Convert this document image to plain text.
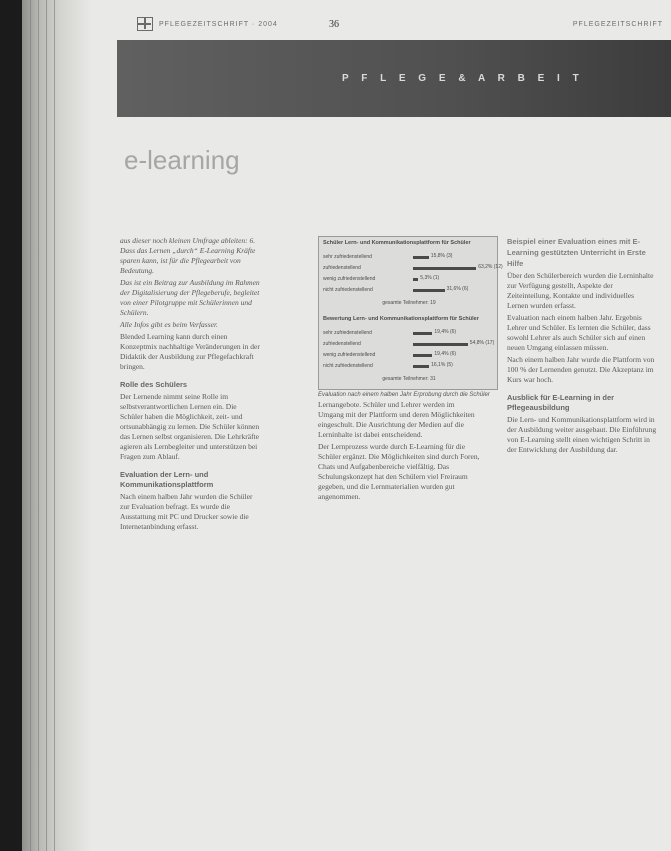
PFLEGEZEITSCHRIFT · 2004	36	PFLEGEZEITSCHRIFT
P F L E G E & A R B E I T
e-learning

aus dieser noch kleinen Umfrage ableiten: 6. Dass das Lernen „durch“ E-Learning Kräfte sparen kann, ist für die Pflegearbeit von Bedeutung.

Das ist ein Beitrag zur Ausbildung im Rahmen der Digitalisierung der Pflegeberufe, begleitet von einer Pilotgruppe mit Schülerinnen und Schülern.

Alle Infos gibt es beim Verfasser.

Blended Learning kann durch einen Konzeptmix nachhaltige Veränderungen in der Didaktik der Ausbildung zur Pflegefachkraft bringen.

Rolle des Schülers

Der Lernende nimmt seine Rolle im selbstverantwortlichen Lernen ein. Die Schüler haben die Möglichkeit, zeit- und ortsunabhängig zu lernen. Die Schüler können das Lernen selbst organisieren. Die Lehrkräfte agieren als Lernbegleiter und unterstützen bei Fragen zum Ablauf.

Evaluation der Lern- und Kommunikationsplattform

Nach einem halben Jahr wurden die Schüler zur Evaluation befragt. Es wurde die Ausstattung mit PC und Drucker sowie die Internetanbindung erfasst.

Schüler Lern- und Kommunikationsplattform für Schüler
sehr zufriedenstellend	15,8% (3)
zufriedenstellend	63,2% (12)
wenig zufriedenstellend	5,3% (1)
nicht zufriedenstellend	31,6% (6)
gesamte Teilnehmer: 19
Bewertung Lern- und Kommunikationsplattform für Schüler
sehr zufriedenstellend	19,4% (6)
zufriedenstellend	54,8% (17)
wenig zufriedenstellend	19,4% (6)
nicht zufriedenstellend	16,1% (5)
gesamte Teilnehmer: 31
Evaluation nach einem halben Jahr Erprobung durch die Schüler

Lernangebote. Schüler und Lehrer werden im Umgang mit der Plattform und deren Möglichkeiten eingeschult. Die Ausrichtung der Medien auf die Lerninhalte ist dabei entscheidend.

Der Lernprozess wurde durch E-Learning für die Schüler ergänzt. Die Möglichkeiten sind durch Foren, Chats und Aufgabenbereiche vielfältig. Das Schulungskonzept hat den Schülern viel Freiraum gegeben, und die Lernmaterialien wurden gut angenommen.

Beispiel einer Evaluation eines mit E-Learning gestützten Unterricht in Erste Hilfe

Über den Schülerbereich wurden die Lerninhalte zur Verfügung gestellt, Aspekte der Zeiteinteilung, Kontakte und individuelles Lernen wurden erfasst.

Evaluation nach einem halben Jahr. Ergebnis Lehrer und Schüler. Es lernten die Schüler, dass sowohl Lehrer als auch Schüler sich auf einen neuen Umgang einlassen müssen.

Nach einem halben Jahr wurde die Plattform von 100 % der Lernenden genutzt. Die Akzeptanz im Kurs war hoch.

Ausblick für E-Learning in der Pflegeausbildung

Die Lern- und Kommunikationsplattform wird in der Ausbildung weiter ausgebaut. Die Einführung von E-Learning stellt einen wichtigen Schritt in der Entwicklung der Ausbildung dar.
